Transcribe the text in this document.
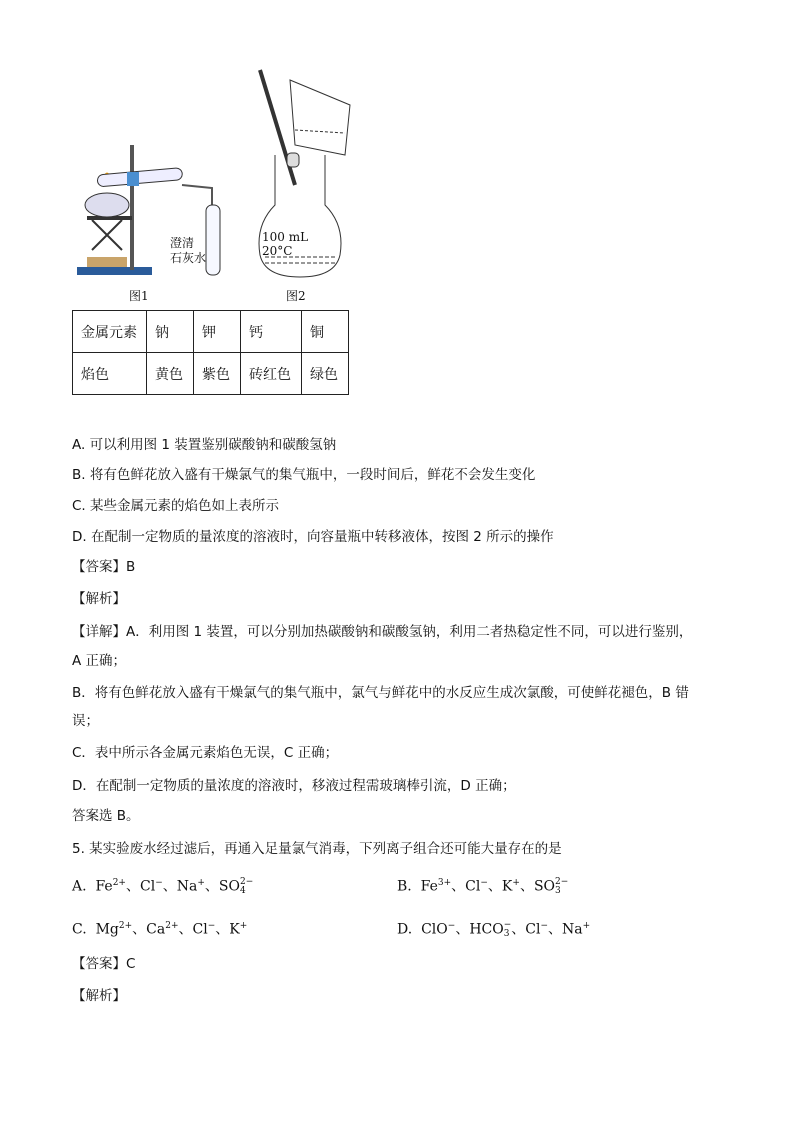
澄清
石灰水
图1
100 mL
20°C
图2
金属元素	钠	钾	钙	铜
焰色	黄色	紫色	砖红色	绿色
A. 可以利用图 1 装置鉴别碳酸钠和碳酸氢钠
B. 将有色鲜花放入盛有干燥氯气的集气瓶中，一段时间后，鲜花不会发生变化
C. 某些金属元素的焰色如上表所示
D. 在配制一定物质的量浓度的溶液时，向容量瓶中转移液体，按图 2 所示的操作
【答案】B
【解析】
【详解】A．利用图 1 装置，可以分别加热碳酸钠和碳酸氢钠，利用二者热稳定性不同，可以进行鉴别，
A 正确；
B．将有色鲜花放入盛有干燥氯气的集气瓶中，氯气与鲜花中的水反应生成次氯酸，可使鲜花褪色，B 错
误；
C．表中所示各金属元素焰色无误，C 正确；
D．在配制一定物质的量浓度的溶液时，移液过程需玻璃棒引流，D 正确；
答案选 B。
5. 某实验废水经过滤后，再通入足量氯气消毒，下列离子组合还可能大量存在的是
A. $Fe^{2+}$、Cl−、Na+、SO 2−
4	B. $Fe^{3+}$、Cl−、K+、SO 2−
3
C. $Mg^{2+}$、$Ca^{2+}$、Cl−、K+	D. ClO−、HCO −
3 、Cl−、Na+
【答案】C
【解析】
